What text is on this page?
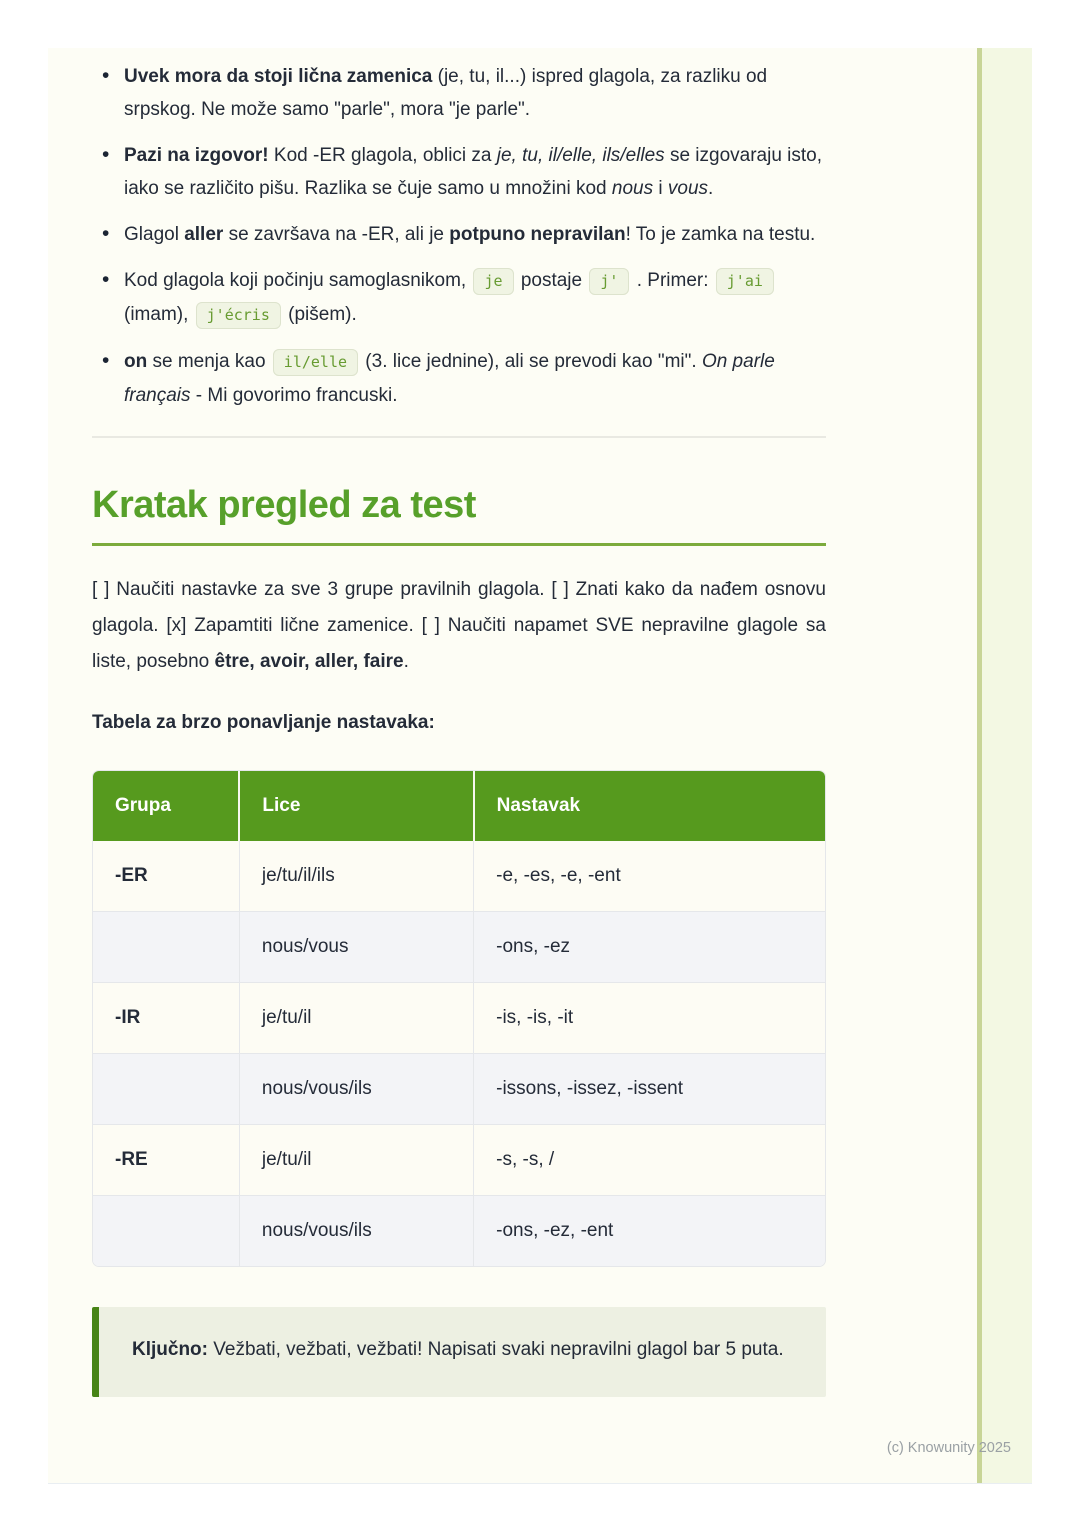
• Uvek mora da stoji lična zamenica (je, tu, il...) ispred glagola, za razliku od srpskog. Ne može samo "parle", mora "je parle".
• Pazi na izgovor! Kod -ER glagola, oblici za je, tu, il/elle, ils/elles se izgovaraju isto, iako se različito pišu. Razlika se čuje samo u množini kod nous i vous.
• Glagol aller se završava na -ER, ali je potpuno nepravilan! To je zamka na testu.
• Kod glagola koji počinju samoglasnikom, je postaje j' . Primer: j'ai (imam), j'écris (pišem).
• on se menja kao il/elle (3. lice jednine), ali se prevodi kao "mi". On parle français - Mi govorimo francuski.
Kratak pregled za test

[ ] Naučiti nastavke za sve 3 grupe pravilnih glagola. [ ] Znati kako da nađem osnovu glagola. [x] Zapamtiti lične zamenice. [ ] Naučiti napamet SVE nepravilne glagole sa liste, posebno être, avoir, aller, faire.

Tabela za brzo ponavljanje nastavaka:

Grupa	Lice	Nastavak
-ER	je/tu/il/ils	-e, -es, -e, -ent
	nous/vous	-ons, -ez
-IR	je/tu/il	-is, -is, -it
	nous/vous/ils	-issons, -issez, -issent
-RE	je/tu/il	-s, -s, /
	nous/vous/ils	-ons, -ez, -ent

Ključno: Vežbati, vežbati, vežbati! Napisati svaki nepravilni glagol bar 5 puta.

(c) Knowunity 2025
